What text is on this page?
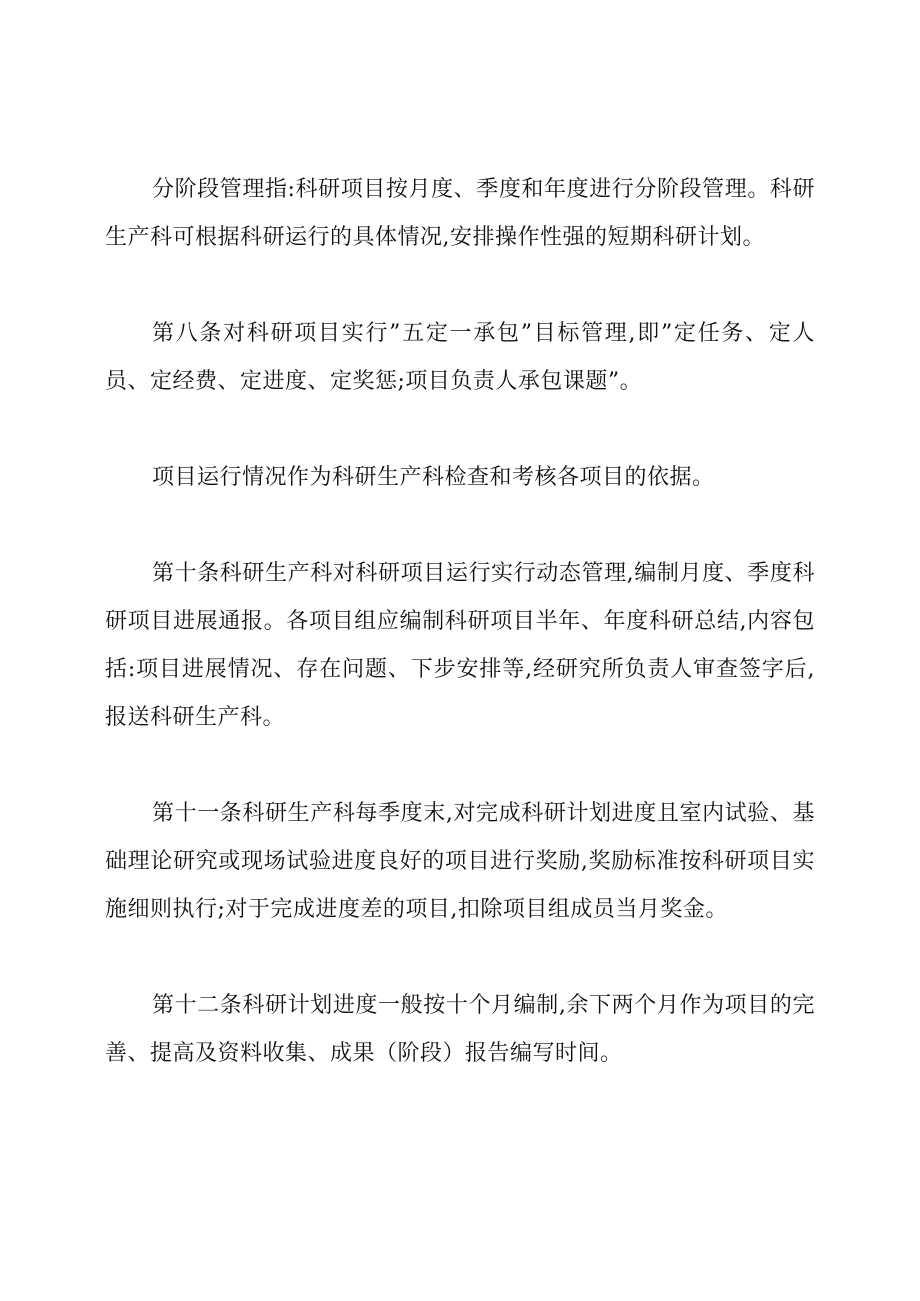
分阶段管理指:科研项目按月度、季度和年度进行分阶段管理。科研生产科可根据科研运行的具体情况,安排操作性强的短期科研计划。

第八条对科研项目实行”五定一承包”目标管理,即”定任务、定人员、定经费、定进度、定奖惩;项目负责人承包课题”。

项目运行情况作为科研生产科检查和考核各项目的依据。

第十条科研生产科对科研项目运行实行动态管理,编制月度、季度科研项目进展通报。各项目组应编制科研项目半年、年度科研总结,内容包括:项目进展情况、存在问题、下步安排等,经研究所负责人审查签字后,报送科研生产科。

第十一条科研生产科每季度末,对完成科研计划进度且室内试验、基础理论研究或现场试验进度良好的项目进行奖励,奖励标准按科研项目实施细则执行;对于完成进度差的项目,扣除项目组成员当月奖金。

第十二条科研计划进度一般按十个月编制,余下两个月作为项目的完善、提高及资料收集、成果（阶段）报告编写时间。
